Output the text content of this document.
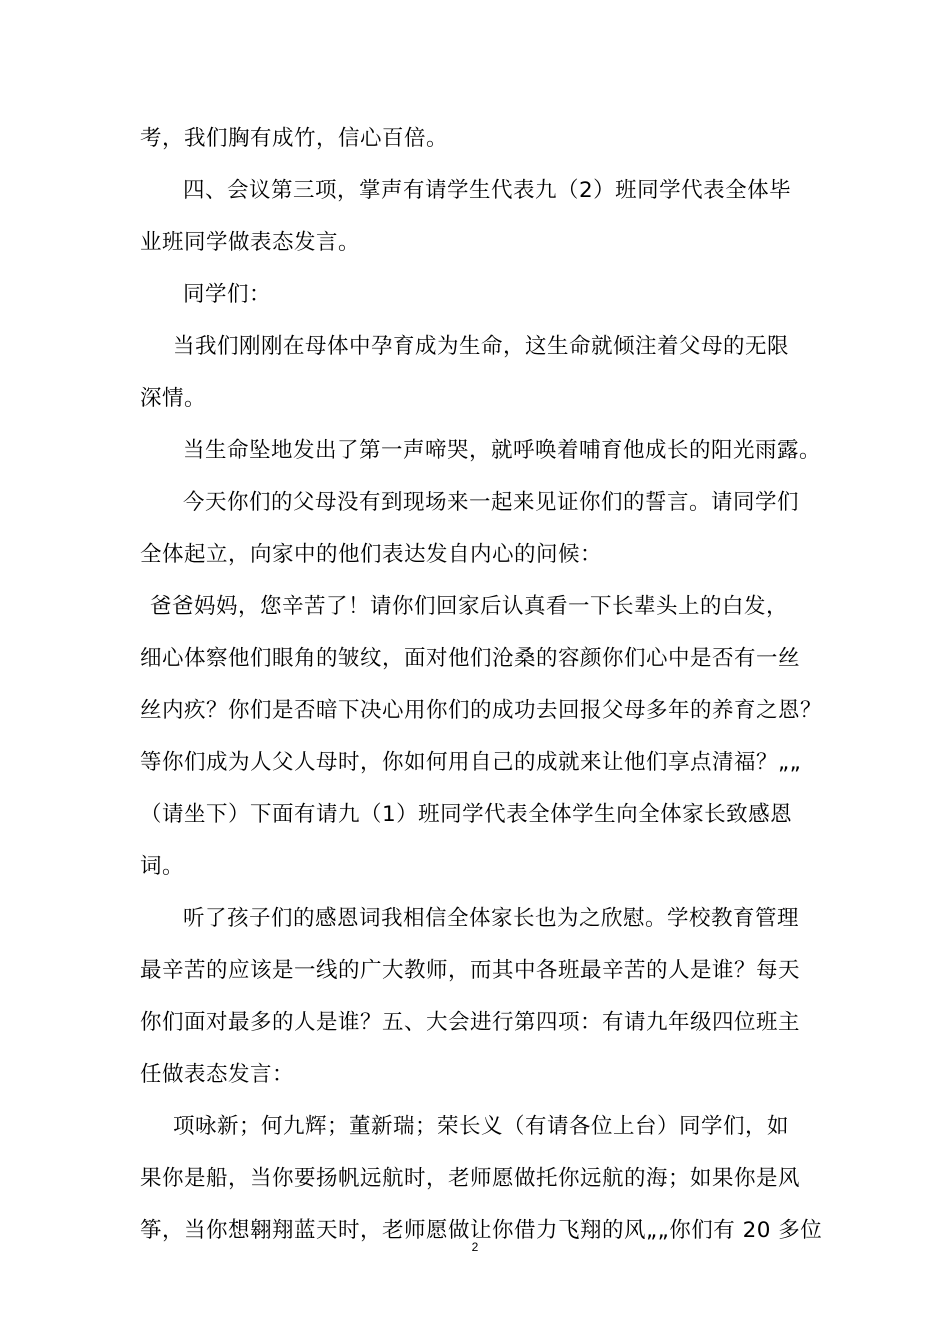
考，我们胸有成竹，信心百倍。
四、会议第三项，掌声有请学生代表九（2）班同学代表全体毕
业班同学做表态发言。
同学们：
当我们刚刚在母体中孕育成为生命，这生命就倾注着父母的无限
深情。
当生命坠地发出了第一声啼哭，就呼唤着哺育他成长的阳光雨露。
今天你们的父母没有到现场来一起来见证你们的誓言。请同学们
全体起立，向家中的他们表达发自内心的问候：
爸爸妈妈，您辛苦了！请你们回家后认真看一下长辈头上的白发，
细心体察他们眼角的皱纹，面对他们沧桑的容颜你们心中是否有一丝
丝内疚？你们是否暗下决心用你们的成功去回报父母多年的养育之恩？
等你们成为人父人母时，你如何用自己的成就来让他们享点清福？„„
（请坐下）下面有请九（1）班同学代表全体学生向全体家长致感恩
词。
听了孩子们的感恩词我相信全体家长也为之欣慰。学校教育管理
最辛苦的应该是一线的广大教师，而其中各班最辛苦的人是谁？每天
你们面对最多的人是谁？五、大会进行第四项：有请九年级四位班主
任做表态发言：
项咏新；何九辉；董新瑞；荣长义（有请各位上台）同学们，如
果你是船，当你要扬帆远航时，老师愿做托你远航的海；如果你是风
筝，当你想翱翔蓝天时，老师愿做让你借力飞翔的风„„你们有 20 多位
2
